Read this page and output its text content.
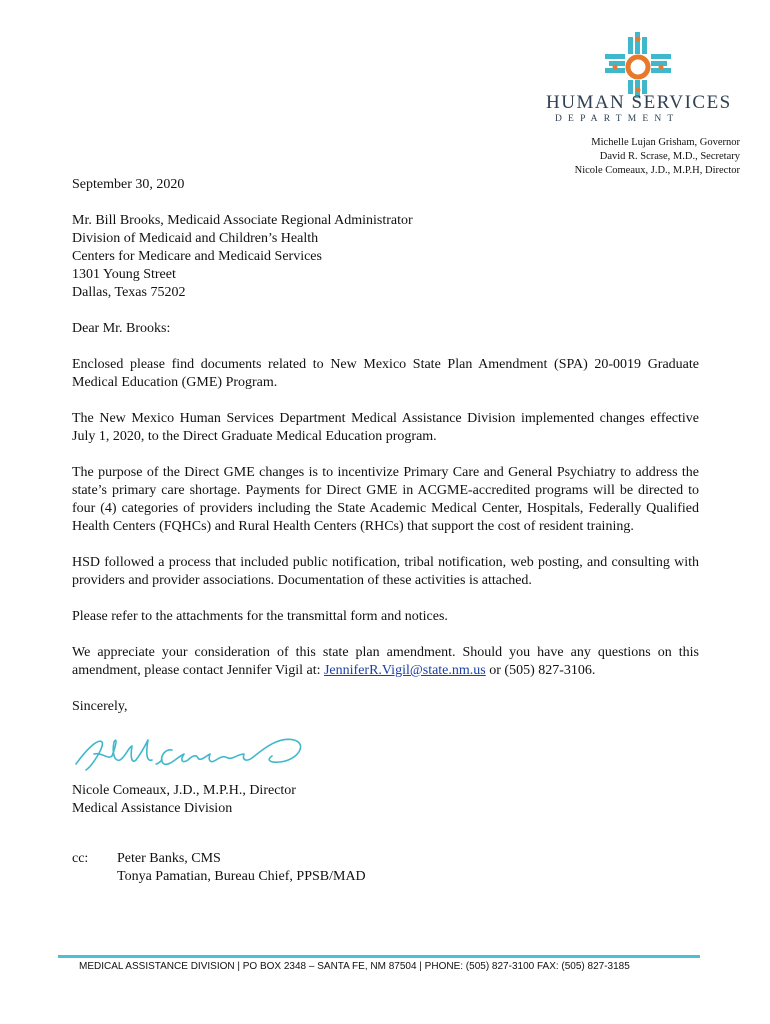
HUMAN SERVICES
DEPARTMENT
Michelle Lujan Grisham, Governor
David R. Scrase, M.D., Secretary
Nicole Comeaux, J.D., M.P.H, Director

September 30, 2020

Mr. Bill Brooks, Medicaid Associate Regional Administrator
Division of Medicaid and Children’s Health
Centers for Medicare and Medicaid Services
1301 Young Street
Dallas, Texas 75202

Dear Mr. Brooks:

Enclosed please find documents related to New Mexico State Plan Amendment (SPA) 20-0019 Graduate Medical Education (GME) Program.

The New Mexico Human Services Department Medical Assistance Division implemented changes effective July 1, 2020, to the Direct Graduate Medical Education program.

The purpose of the Direct GME changes is to incentivize Primary Care and General Psychiatry to address the state’s primary care shortage. Payments for Direct GME in ACGME-accredited programs will be directed to four (4) categories of providers including the State Academic Medical Center, Hospitals, Federally Qualified Health Centers (FQHCs) and Rural Health Centers (RHCs) that support the cost of resident training.

HSD followed a process that included public notification, tribal notification, web posting, and consulting with providers and provider associations. Documentation of these activities is attached.

Please refer to the attachments for the transmittal form and notices.

We appreciate your consideration of this state plan amendment. Should you have any questions on this amendment, please contact Jennifer Vigil at: JenniferR.Vigil@state.nm.us or (505) 827-3106.

Sincerely,

Nicole Comeaux, J.D., M.P.H., Director
Medical Assistance Division
cc:	Peter Banks, CMS
Tonya Pamatian, Bureau Chief, PPSB/MAD
MEDICAL ASSISTANCE DIVISION | PO BOX 2348 – SANTA FE, NM 87504 | PHONE: (505) 827-3100 FAX: (505) 827-3185
